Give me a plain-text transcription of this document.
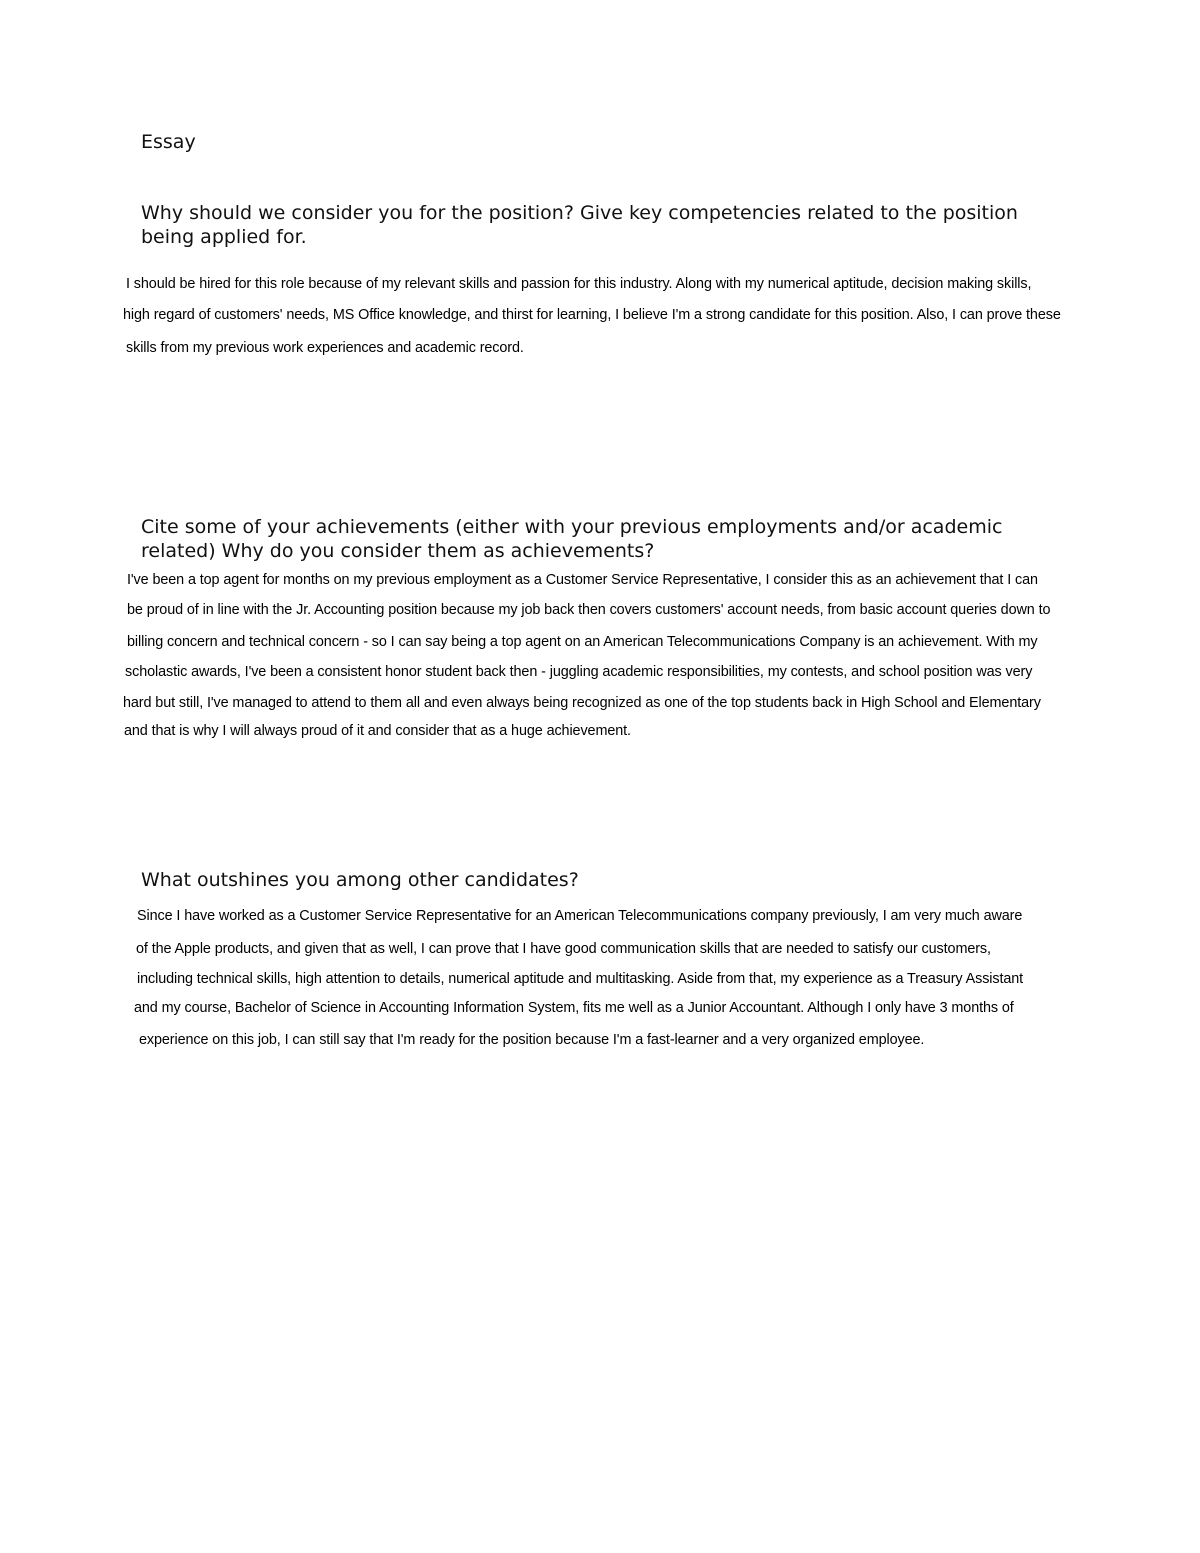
Essay
Why should we consider you for the position? Give key competencies related to the position
being applied for.
I should be hired for this role because of my relevant skills and passion for this industry. Along with my numerical aptitude, decision making skills,
high regard of customers' needs, MS Office knowledge, and thirst for learning, I believe I'm a strong candidate for this position. Also, I can prove these
skills from my previous work experiences and academic record.
Cite some of your achievements (either with your previous employments and/or academic
related) Why do you consider them as achievements?
I've been a top agent for months on my previous employment as a Customer Service Representative, I consider this as an achievement that I can
be proud of in line with the Jr. Accounting position because my job back then covers customers' account needs, from basic account queries down to
billing concern and technical concern - so I can say being a top agent on an American Telecommunications Company is an achievement. With my
scholastic awards, I've been a consistent honor student back then - juggling academic responsibilities, my contests, and school position was very
hard but still, I've managed to attend to them all and even always being recognized as one of the top students back in High School and Elementary
and that is why I will always proud of it and consider that as a huge achievement.
What outshines you among other candidates?
Since I have worked as a Customer Service Representative for an American Telecommunications company previously, I am very much aware
of the Apple products, and given that as well, I can prove that I have good communication skills that are needed to satisfy our customers,
including technical skills, high attention to details, numerical aptitude and multitasking. Aside from that, my experience as a Treasury Assistant
and my course, Bachelor of Science in Accounting Information System, fits me well as a Junior Accountant. Although I only have 3 months of
experience on this job, I can still say that I'm ready for the position because I'm a fast-learner and a very organized employee.
